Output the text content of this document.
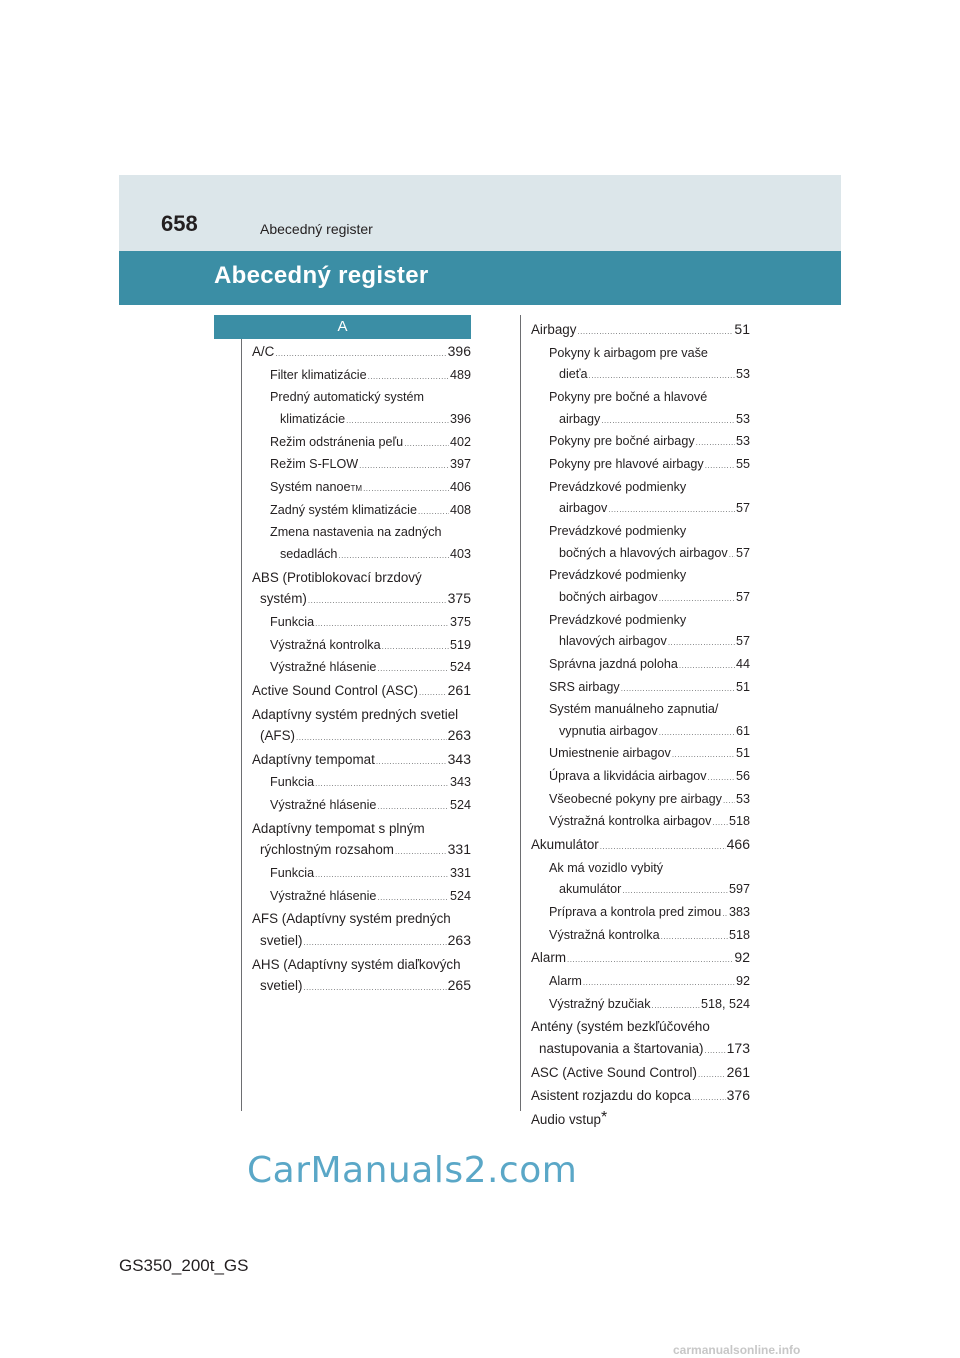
658	Abecedný register
Abecedný register
A
A/C .....	396
Filter klimatizácie .....	489
Predný automatický systém
klimatizácie .....	396
Režim odstránenia peľu .....	402
Režim S-FLOW .....	397
Systém nanoe TM .....	406
Zadný systém klimatizácie .....	408
Zmena nastavenia na zadných
sedadlách .....	403
ABS (Protiblokovací brzdový
systém) .....	375
Funkcia .....	375
Výstražná kontrolka .....	519
Výstražné hlásenie .....	524
Active Sound Control (ASC) ..... 261
Adaptívny systém predných svetiel
(AFS) .....	263
Adaptívny tempomat .....	343
Funkcia .....	343
Výstražné hlásenie .....	524
Adaptívny tempomat s plným
rýchlostným rozsahom .....	331
Funkcia .....	331
Výstražné hlásenie .....	524
AFS (Adaptívny systém predných
svetiel) .....	263
AHS (Adaptívny systém diaľkových
svetiel) .....	265
Airbagy .....	51
Pokyny k airbagom pre vaše
dieťa .....	53
Pokyny pre bočné a hlavové
airbagy .....	53
Pokyny pre bočné airbagy .....	53
Pokyny pre hlavové airbagy .....	55
Prevádzkové podmienky
airbagov .....	57
Prevádzkové podmienky
bočných a hlavových airbagov ..... 57
Prevádzkové podmienky
bočných airbagov .....	57
Prevádzkové podmienky
hlavových airbagov .....	57
Správna jazdná poloha .....	44
SRS airbagy .....	51
Systém manuálneho zapnutia/
vypnutia airbagov .....	61
Umiestnenie airbagov .....	51
Úprava a likvidácia airbagov ..... 56
Všeobecné pokyny pre airbagy ..... 53
Výstražná kontrolka airbagov ..... 518
Akumulátor .....	466
Ak má vozidlo vybitý
akumulátor .....	597
Príprava a kontrola pred zimou ..... 383
Výstražná kontrolka .....	518
Alarm .....	92
Alarm .....	92
Výstražný bzučiak .....	518, 524
Antény (systém bezkľúčového
nastupovania a štartovania) ..... 173
ASC (Active Sound Control) ..... 261
Asistent rozjazdu do kopca .....	376
Audio vstup *
CarManuals2.com
GS350_200t_GS
carmanualsonline.info
